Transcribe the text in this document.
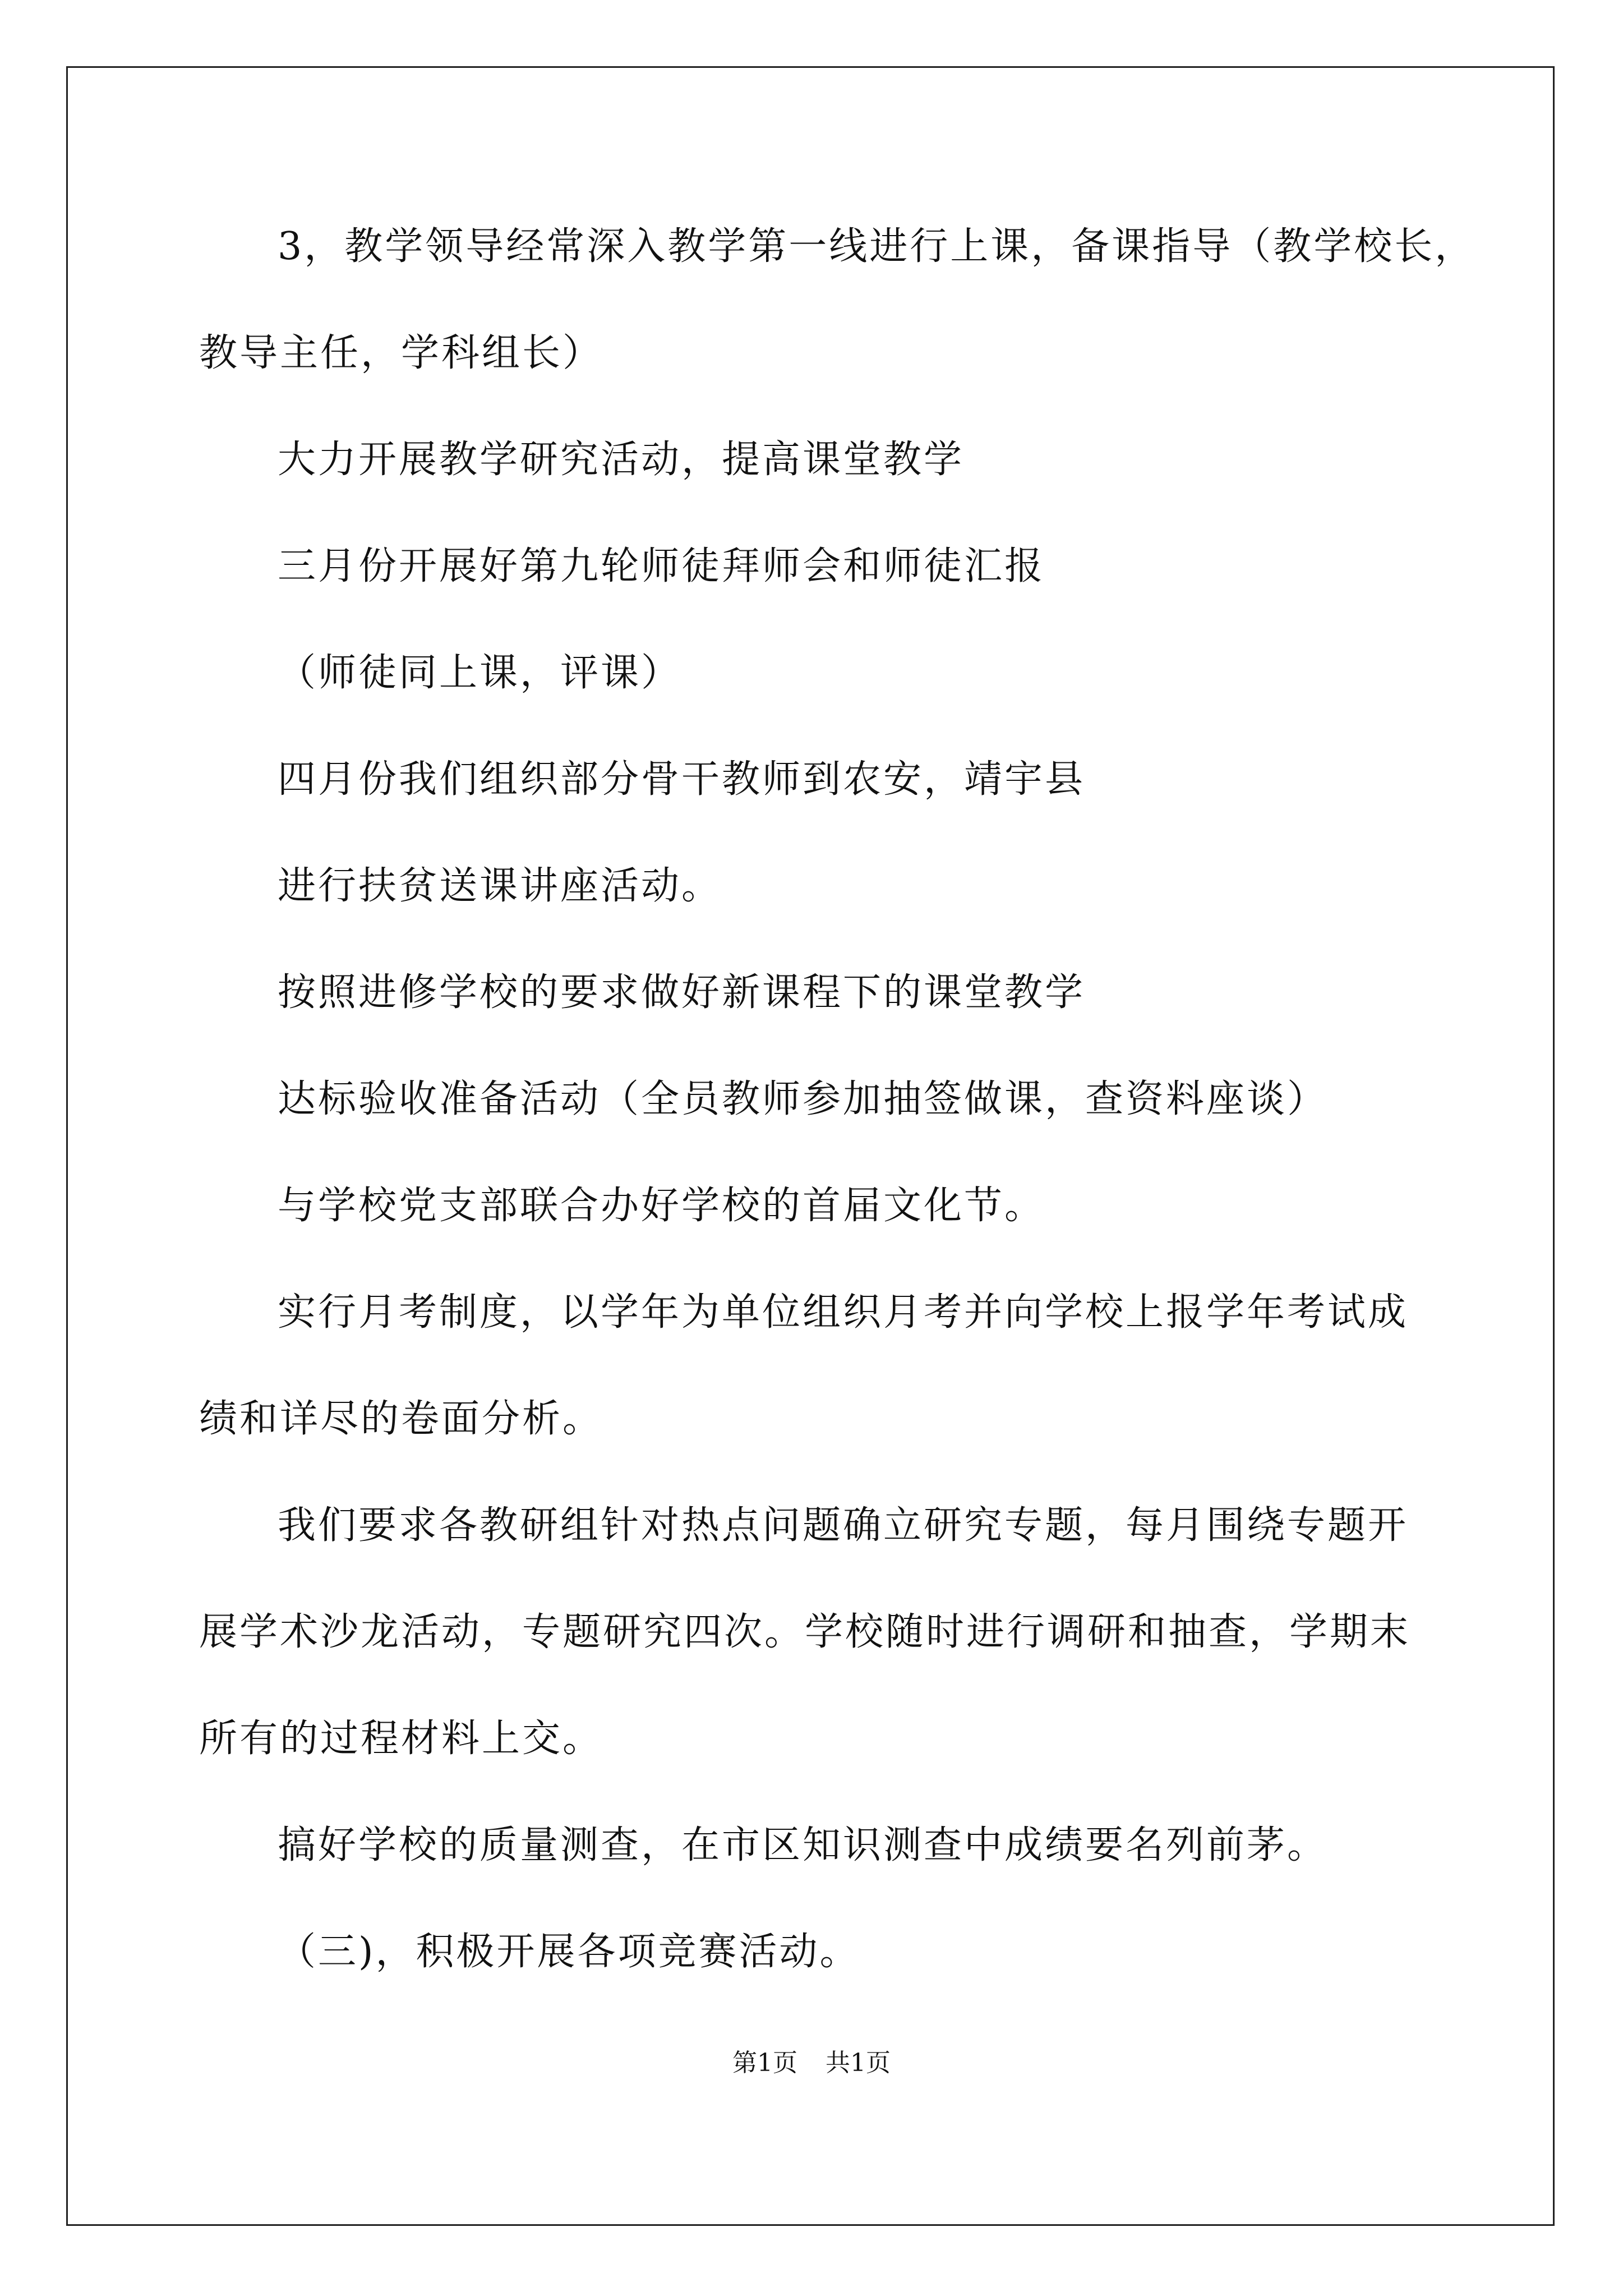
3，教学领导经常深入教学第一线进行上课，备课指导（教学校长，
教导主任，学科组长）
大力开展教学研究活动，提高课堂教学
三月份开展好第九轮师徒拜师会和师徒汇报
（师徒同上课，评课）
四月份我们组织部分骨干教师到农安，靖宇县
进行扶贫送课讲座活动。
按照进修学校的要求做好新课程下的课堂教学
达标验收准备活动（全员教师参加抽签做课，查资料座谈）
与学校党支部联合办好学校的首届文化节。
实行月考制度，以学年为单位组织月考并向学校上报学年考试成
绩和详尽的卷面分析。
我们要求各教研组针对热点问题确立研究专题，每月围绕专题开
展学术沙龙活动，专题研究四次。学校随时进行调研和抽查，学期末
所有的过程材料上交。
搞好学校的质量测查，在市区知识测查中成绩要名列前茅。
（三)，积极开展各项竞赛活动。
第1页 共1页
